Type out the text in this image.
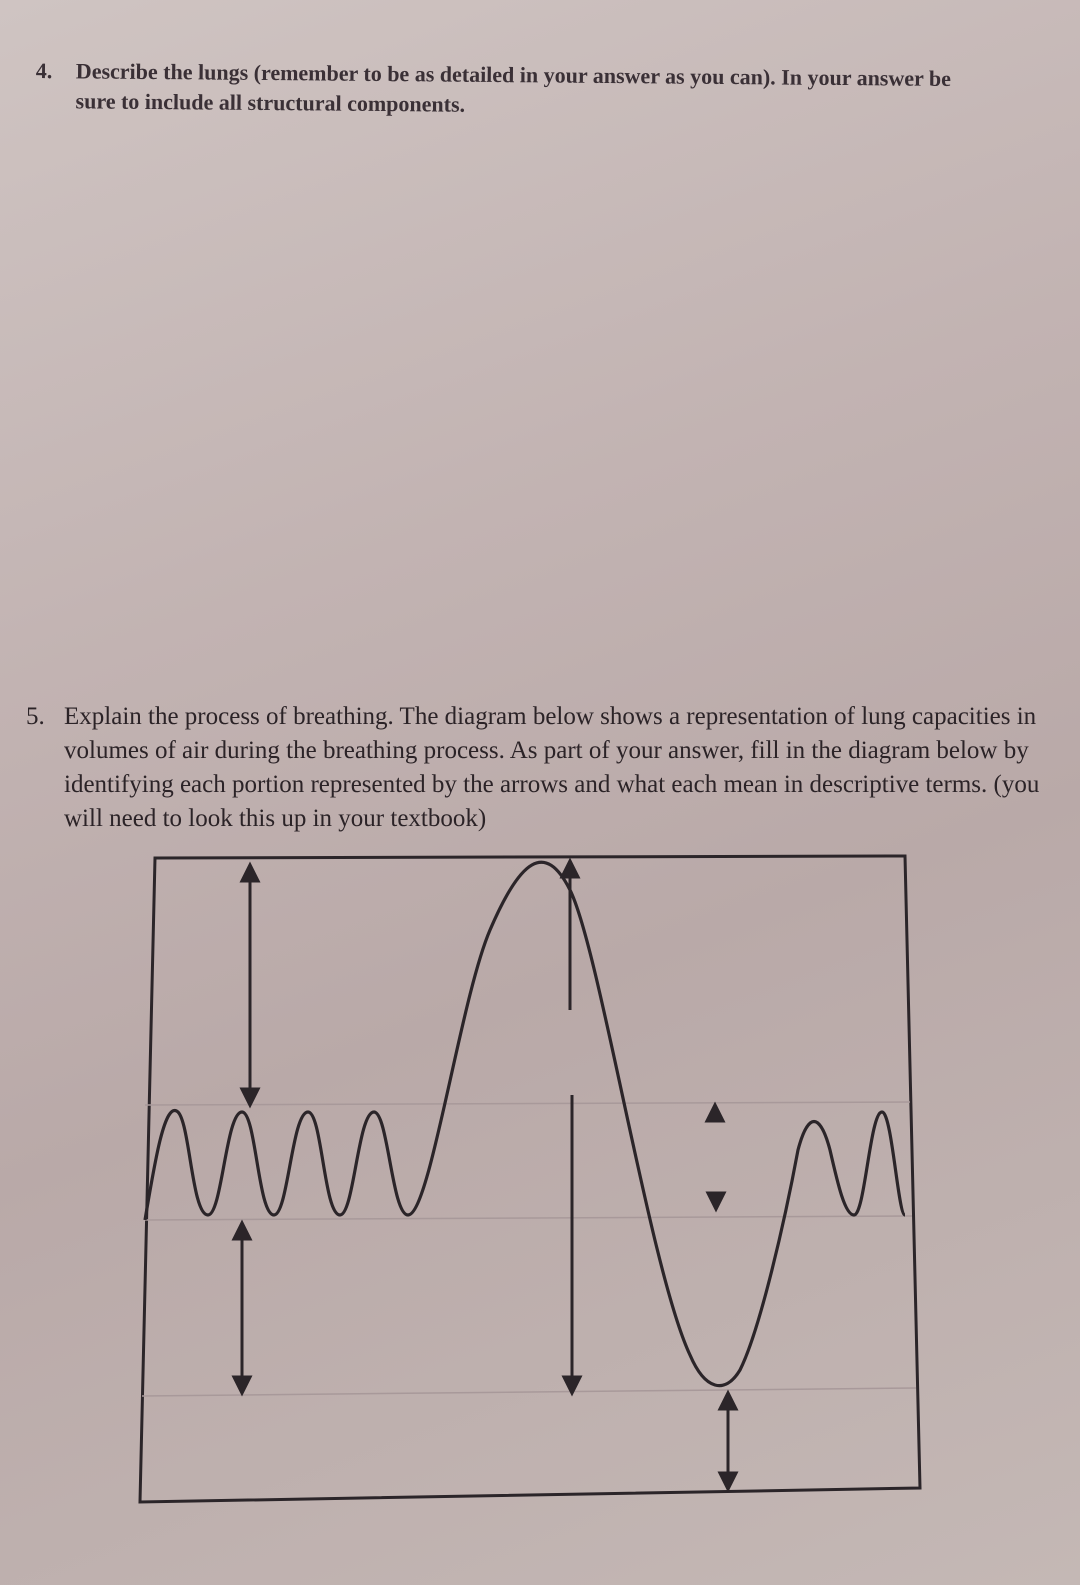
4.	Describe the lungs (remember to be as detailed in your answer as you can). In your answer be sure to include all structural components.
5. Explain the process of breathing. The diagram below shows a representation of lung capacities in volumes of air during the breathing process. As part of your answer, fill in the diagram below by identifying each portion represented by the arrows and what each mean in descriptive terms. (you will need to look this up in your textbook)
